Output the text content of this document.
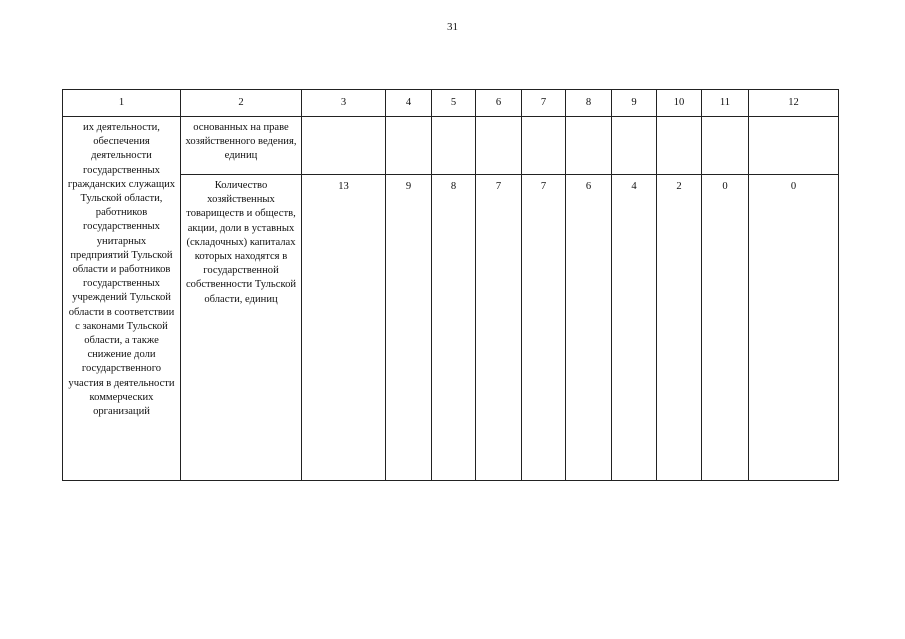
31
1	2	3	4	5	6	7	8	9	10	11	12
их деятельности, обеспечения деятельности государственных гражданских служащих Тульской области, работников государственных унитарных предприятий Тульской области и работников государственных учреждений Тульской области в соответствии с законами Тульской области, а также снижение доли государственного участия в деятельности коммерческих организаций	основанных на праве хозяйственного ведения, единиц										
	Количество хозяйственных товариществ и обществ, акции, доли в уставных (складочных) капиталах которых находятся в государственной собственности Тульской области, единиц	13	9	8	7	7	6	4	2	0	0
